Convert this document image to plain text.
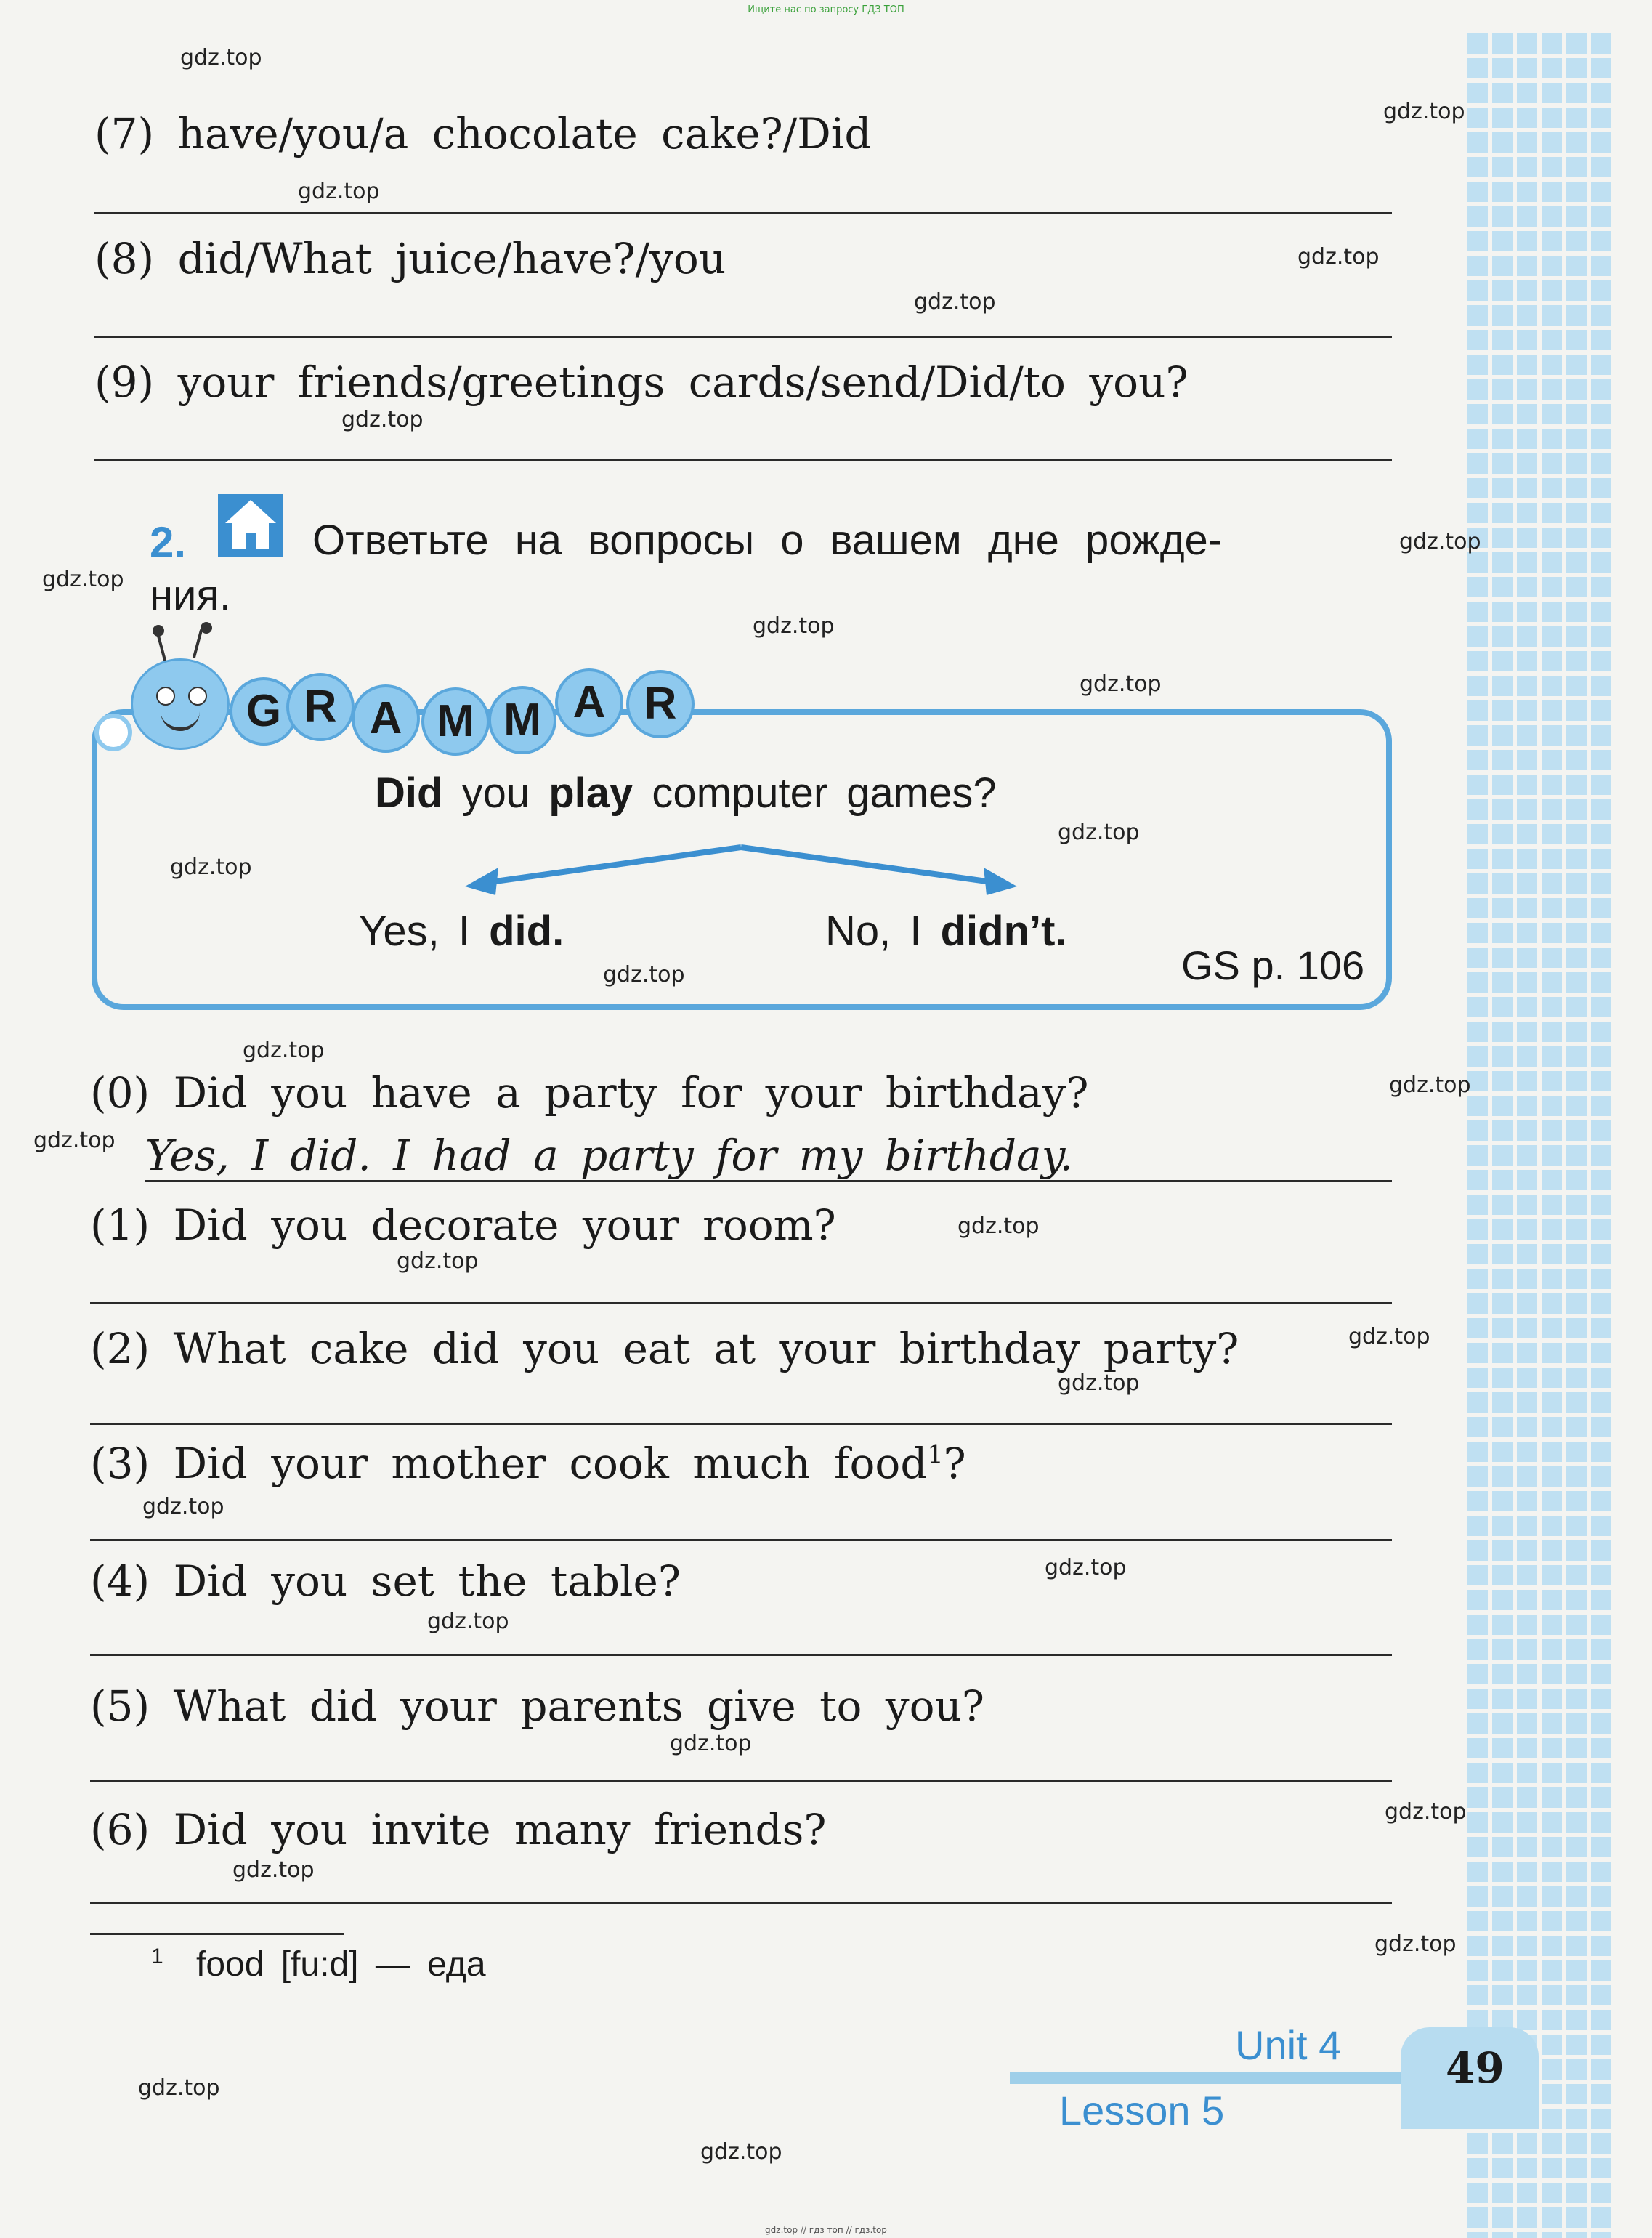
Ищите нас по запросу ГДЗ ТОП
(7) have/you/a chocolate cake?/Did
(8) did/What juice/have?/you
(9) your friends/greetings cards/send/Did/to you?
2.	Ответьте на вопросы о вашем дне рожде-
ния.
G R A M M A R
Did you play computer games?
Yes, I did.	No, I didn’t.
GS p. 106
(0) Did you have a party for your birthday?
Yes, I did. I had a party for my birthday.
(1) Did you decorate your room?
(2) What cake did you eat at your birthday party?
(3) Did your mother cook much food$^1$?
(4) Did you set the table?
(5) What did your parents give to you?
(6) Did you invite many friends?
1 food [fu:d] — еда
49
Unit 4
Lesson 5
gdz.top
gdz.top
gdz.top
gdz.top
gdz.top
gdz.top
gdz.top
gdz.top
gdz.top
gdz.top
gdz.top
gdz.top
gdz.top
gdz.top
gdz.top
gdz.top
gdz.top
gdz.top
gdz.top
gdz.top
gdz.top
gdz.top
gdz.top
gdz.top
gdz.top
gdz.top
gdz.top
gdz.top
gdz.top
gdz.top // гдз топ // гдз.top
